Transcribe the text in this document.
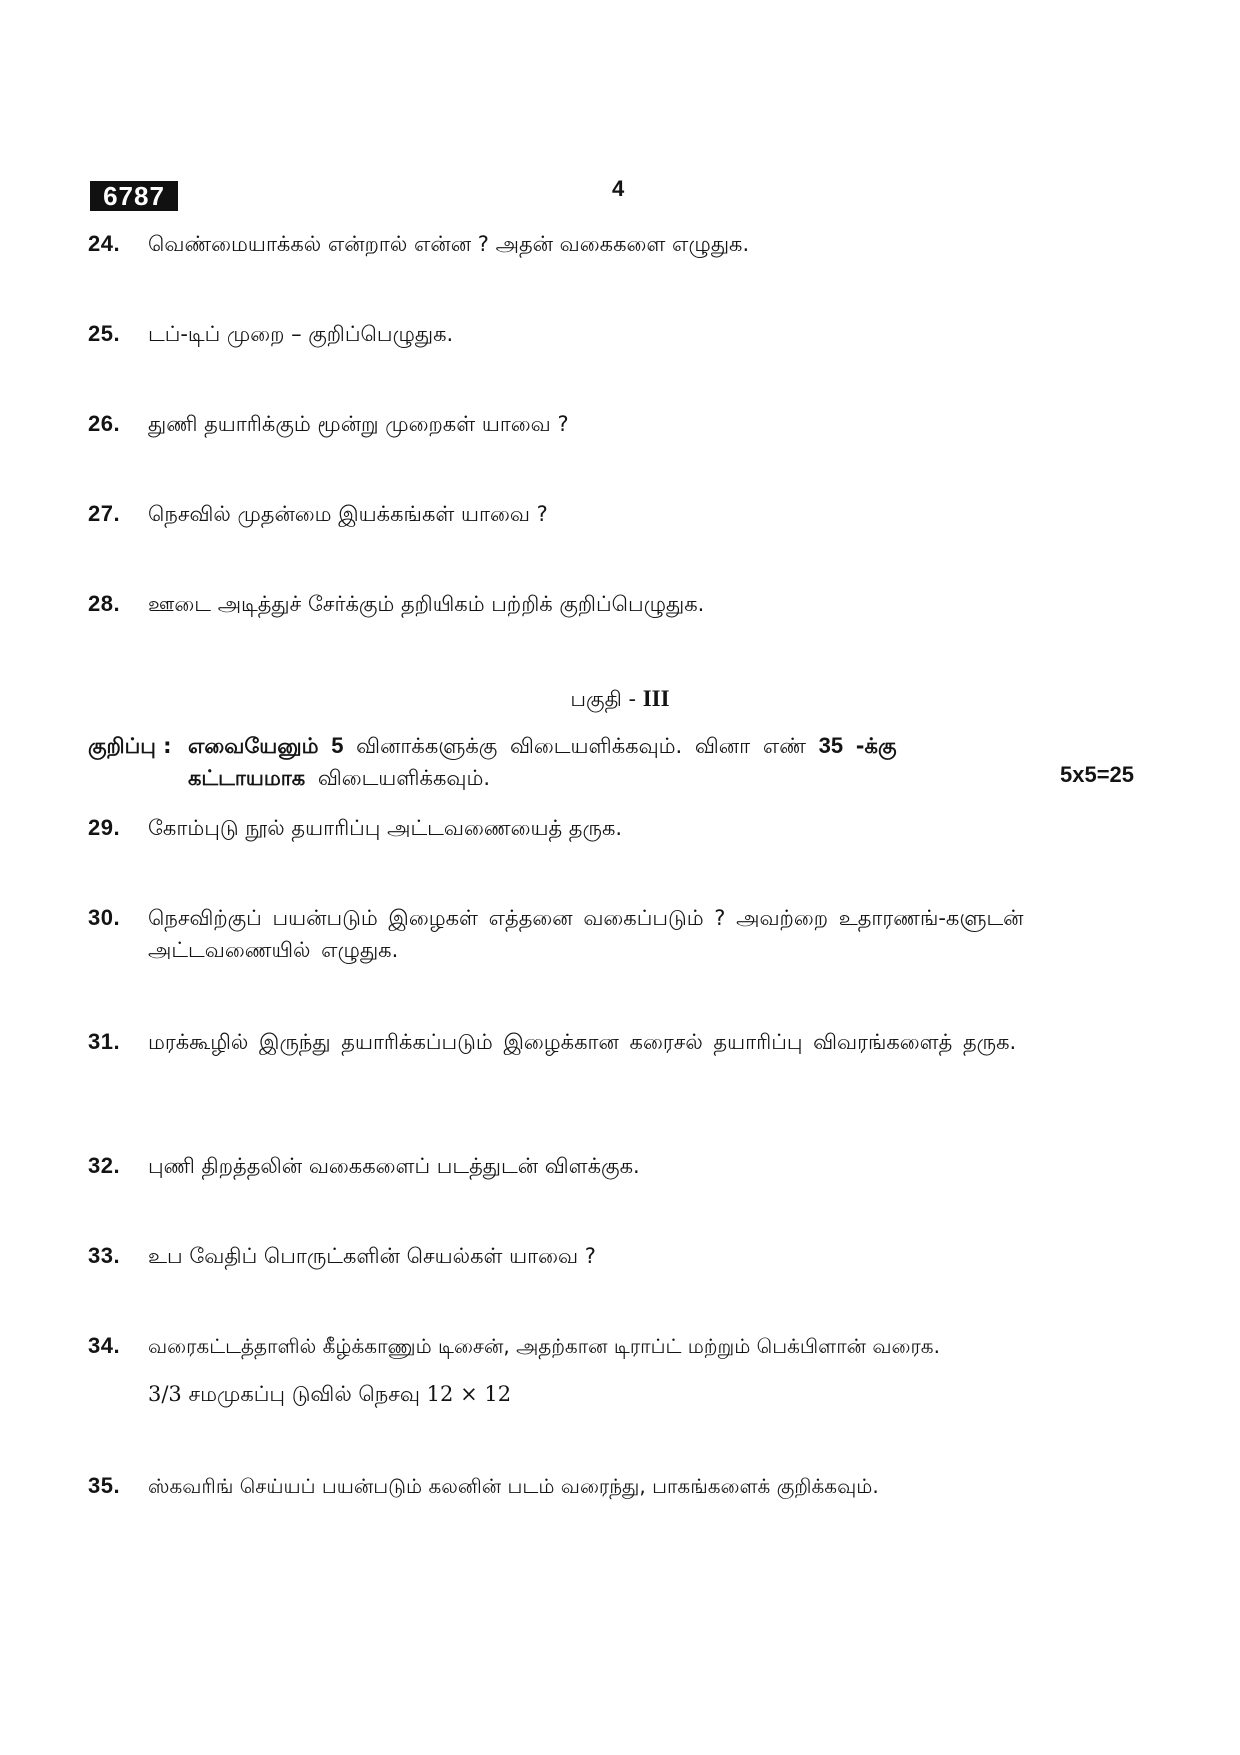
6787	4
24.	வெண்மையாக்கல் என்றால் என்ன ? அதன் வகைகளை எழுதுக.
25.	டப்-டிப் முறை – குறிப்பெழுதுக.
26.	துணி தயாரிக்கும் மூன்று முறைகள் யாவை ?
27.	நெசவில் முதன்மை இயக்கங்கள் யாவை ?
28.	ஊடை அடித்துச் சேர்க்கும் தறியிகம் பற்றிக் குறிப்பெழுதுக.
பகுதி - III
குறிப்பு : எவையேனும் 5 வினாக்களுக்கு விடையளிக்கவும். வினா எண் 35 -க்கு
கட்டாயமாக விடையளிக்கவும்.	5x5=25
29.	கோம்புடு நூல் தயாரிப்பு அட்டவணையைத் தருக.
30.	நெசவிற்குப் பயன்படும் இழைகள் எத்தனை வகைப்படும் ? அவற்றை உதாரணங்-களுடன் அட்டவணையில் எழுதுக.
31.	மரக்கூழில் இருந்து தயாரிக்கப்படும் இழைக்கான கரைசல் தயாரிப்பு விவரங்களைத் தருக.
32.	புணி திறத்தலின் வகைகளைப் படத்துடன் விளக்குக.
33.	உப வேதிப் பொருட்களின் செயல்கள் யாவை ?
34.	வரைகட்டத்தாளில் கீழ்க்காணும் டிசைன், அதற்கான டிராப்ட் மற்றும் பெக்பிளான் வரைக.
3/3 சமமுகப்பு டுவில் நெசவு 12 × 12
35.	ஸ்கவரிங் செய்யப் பயன்படும் கலனின் படம் வரைந்து, பாகங்களைக் குறிக்கவும்.
